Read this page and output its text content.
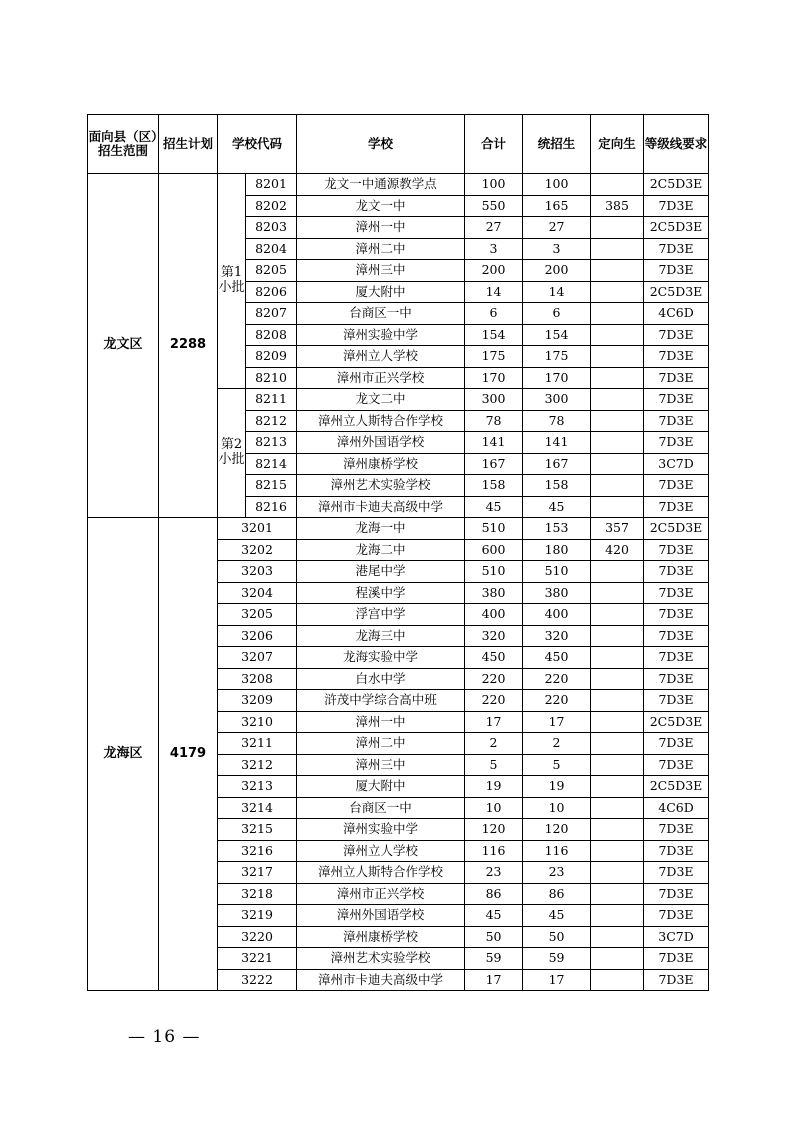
面向县（区）招生范围	招生计划	学校代码		学校	合计	统招生	定向生	等级线要求
龙文区	2288	第1小批	8201	龙文一中通源教学点	100	100		2C5D3E
			8202	龙文一中	550	165	385	7D3E
			8203	漳州一中	27	27		2C5D3E
			8204	漳州二中	3	3		7D3E
			8205	漳州三中	200	200		7D3E
			8206	厦大附中	14	14		2C5D3E
			8207	台商区一中	6	6		4C6D
			8208	漳州实验中学	154	154		7D3E
			8209	漳州立人学校	175	175		7D3E
			8210	漳州市正兴学校	170	170		7D3E
		第2小批	8211	龙文二中	300	300		7D3E
			8212	漳州立人斯特合作学校	78	78		7D3E
			8213	漳州外国语学校	141	141		7D3E
			8214	漳州康桥学校	167	167		3C7D
			8215	漳州艺术实验学校	158	158		7D3E
			8216	漳州市卡迪夫高级中学	45	45		7D3E
龙海区	4179	3201		龙海一中	510	153	357	2C5D3E
		3202		龙海二中	600	180	420	7D3E
		3203		港尾中学	510	510		7D3E
		3204		程溪中学	380	380		7D3E
		3205		浮宫中学	400	400		7D3E
		3206		龙海三中	320	320		7D3E
		3207		龙海实验中学	450	450		7D3E
		3208		白水中学	220	220		7D3E
		3209		浒茂中学综合高中班	220	220		7D3E
		3210		漳州一中	17	17		2C5D3E
		3211		漳州二中	2	2		7D3E
		3212		漳州三中	5	5		7D3E
		3213		厦大附中	19	19		2C5D3E
		3214		台商区一中	10	10		4C6D
		3215		漳州实验中学	120	120		7D3E
		3216		漳州立人学校	116	116		7D3E
		3217		漳州立人斯特合作学校	23	23		7D3E
		3218		漳州市正兴学校	86	86		7D3E
		3219		漳州外国语学校	45	45		7D3E
		3220		漳州康桥学校	50	50		3C7D
		3221		漳州艺术实验学校	59	59		7D3E
		3222		漳州市卡迪夫高级中学	17	17		7D3E
— 16 —
